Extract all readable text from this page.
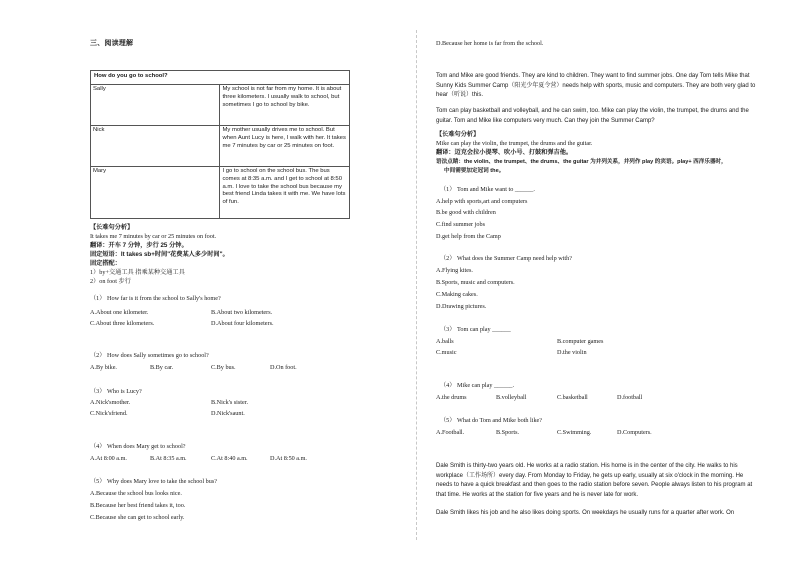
三、阅读理解
How do you go to school?	
Sally	My school is not far from my home. It is about three kilometers. I usually walk to school, but sometimes I go to school by bike.
Nick	My mother usually drives me to school. But when Aunt Lucy is here, I walk with her. It takes me 7 minutes by car or 25 minutes on foot.
Mary	I go to school on the school bus. The bus comes at 8:35 a.m. and I get to school at 8:50 a.m. I love to take the school bus because my best friend Linda takes it with me. We have lots of fun.
【长难句分析】
It takes me 7 minutes by car or 25 minutes on foot.
翻译：开车 7 分钟，步行 25 分钟。
固定短语：It takes sb+时间"花费某人多少时间"。
固定搭配：
1）by+交通工具 指乘某种交通工具
2）on foot 步行
（1） How far is it from the school to Sally's home?
A.About one kilometer.	B.About two kilometers.
C.About three kilometers.	D.About four kilometers.
（2） How does Sally sometimes go to school?
A.By bike.	B.By car.	C.By bus.	D.On foot.
（3） Who is Lucy?
A.Nick'smother.	B.Nick's sister.
C.Nick'sfriend.	D.Nick'saunt.
（4） When does Mary get to school?
A.At 8:00 a.m.	B.At 8:35 a.m.	C.At 8:40 a.m.	D.At 8:50 a.m.
（5） Why does Mary love to take the school bus?
A.Because the school bus looks nice.
B.Because her best friend takes it, too.
C.Because she can get to school early.
D.Because her home is far from the school.
Tom and Mike are good friends. They are kind to children. They want to find summer jobs. One day Tom tells Mike that Sunny Kids Summer Camp（阳光少年夏令营）needs help with sports, music and computers. They are both very glad to hear（听说）this.
Tom can play basketball and volleyball, and he can swim, too. Mike can play the violin, the trumpet, the drums and the guitar. Tom and Mike like computers very much. Can they join the Summer Camp?
【长难句分析】
Mike can play the violin, the trumpet, the drums and the guitar.
翻译：迈克会拉小提琴、吹小号、打鼓和弹吉他。
语法点睛：the violin、the trumpet、the drums、the guitar 为并列关系，并列作 play 的宾语。play+ 西洋乐器时，
中间需要加定冠词 the。
（1） Tom and Mike want to ______.
A.help with sports,art and computers
B.be good with children
C.find summer jobs
D.get help from the Camp
（2） What does the Summer Camp need help with?
A.Flying kites.
B.Sports, music and computers.
C.Making cakes.
D.Drawing pictures.
（3） Tom can play ______
A.balls	B.computer games
C.music	D.the violin
（4） Mike can play ______.
A.the drums	B.volleyball	C.basketball	D.football
（5） What do Tom and Mike both like?
A.Football.	B.Sports.	C.Swimming.	D.Computers.
Dale Smith is thirty-two years old. He works at a radio station. His home is in the center of the city. He walks to his workplace（工作场所）every day. From Monday to Friday, he gets up early, usually at six o'clock in the morning. He needs to have a quick breakfast and then goes to the radio station before seven. People always listen to his program at that time. He works at the station for five years and he is never late for work.
Dale Smith likes his job and he also likes doing sports. On weekdays he usually runs for a quarter after work. On
